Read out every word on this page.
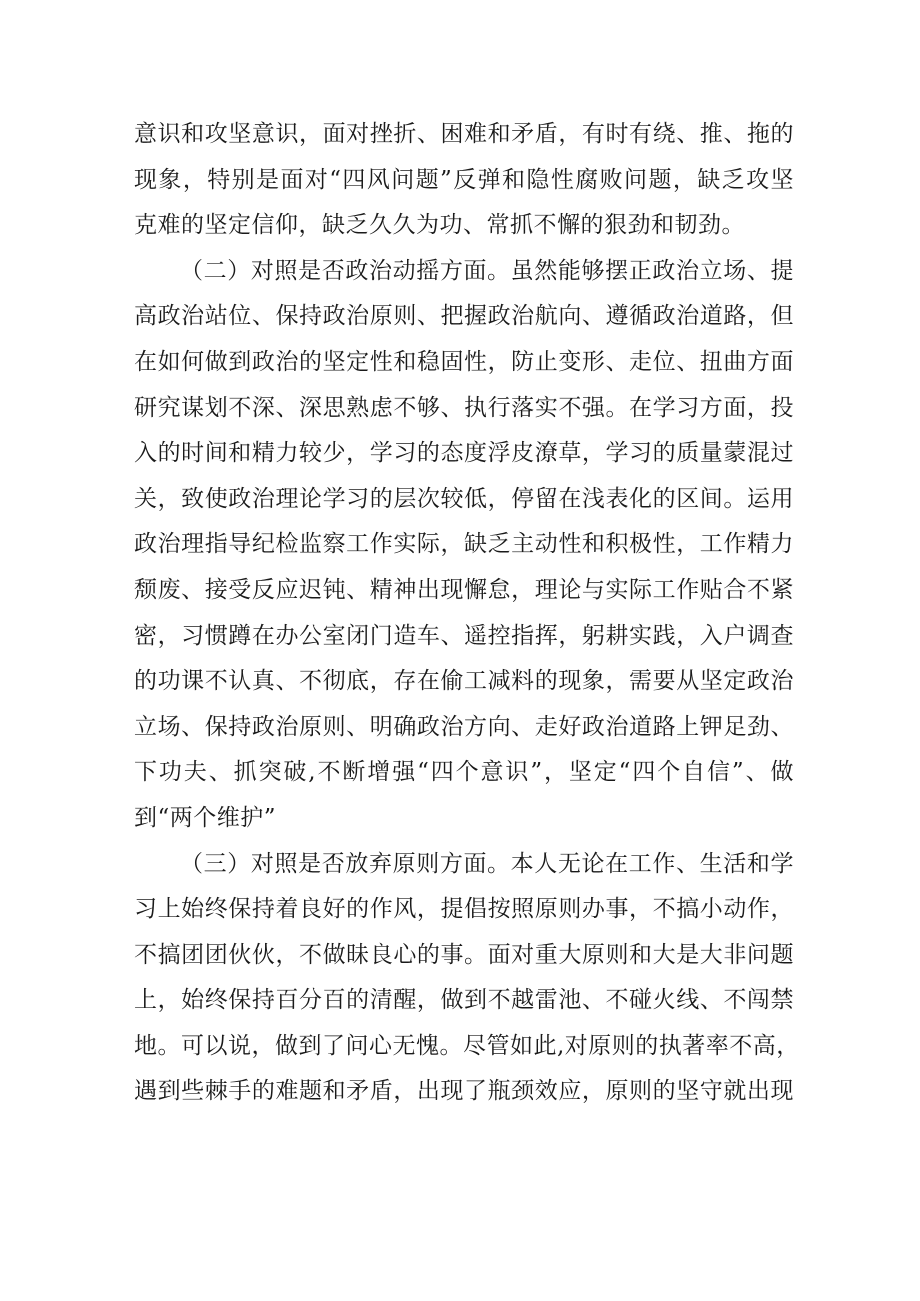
意识和攻坚意识，面对挫折、困难和矛盾，有时有绕、推、拖的
现象，特别是面对“四风问题”反弹和隐性腐败问题，缺乏攻坚
克难的坚定信仰，缺乏久久为功、常抓不懈的狠劲和韧劲。
（二）对照是否政治动摇方面。虽然能够摆正政治立场、提
高政治站位、保持政治原则、把握政治航向、遵循政治道路，但
在如何做到政治的坚定性和稳固性，防止变形、走位、扭曲方面
研究谋划不深、深思熟虑不够、执行落实不强。在学习方面，投
入的时间和精力较少，学习的态度浮皮潦草，学习的质量蒙混过
关，致使政治理论学习的层次较低，停留在浅表化的区间。运用
政治理指导纪检监察工作实际，缺乏主动性和积极性，工作精力
颓废、接受反应迟钝、精神出现懈怠，理论与实际工作贴合不紧
密，习惯蹲在办公室闭门造车、遥控指挥，躬耕实践，入户调查
的功课不认真、不彻底，存在偷工减料的现象，需要从坚定政治
立场、保持政治原则、明确政治方向、走好政治道路上钾足劲、
下功夫、抓突破,不断增强“四个意识”，坚定“四个自信”、做
到“两个维护”
（三）对照是否放弃原则方面。本人无论在工作、生活和学
习上始终保持着良好的作风，提倡按照原则办事，不搞小动作，
不搞团团伙伙，不做昧良心的事。面对重大原则和大是大非问题
上，始终保持百分百的清醒，做到不越雷池、不碰火线、不闯禁
地。可以说，做到了问心无愧。尽管如此,对原则的执著率不高，
遇到些棘手的难题和矛盾，出现了瓶颈效应，原则的坚守就出现
